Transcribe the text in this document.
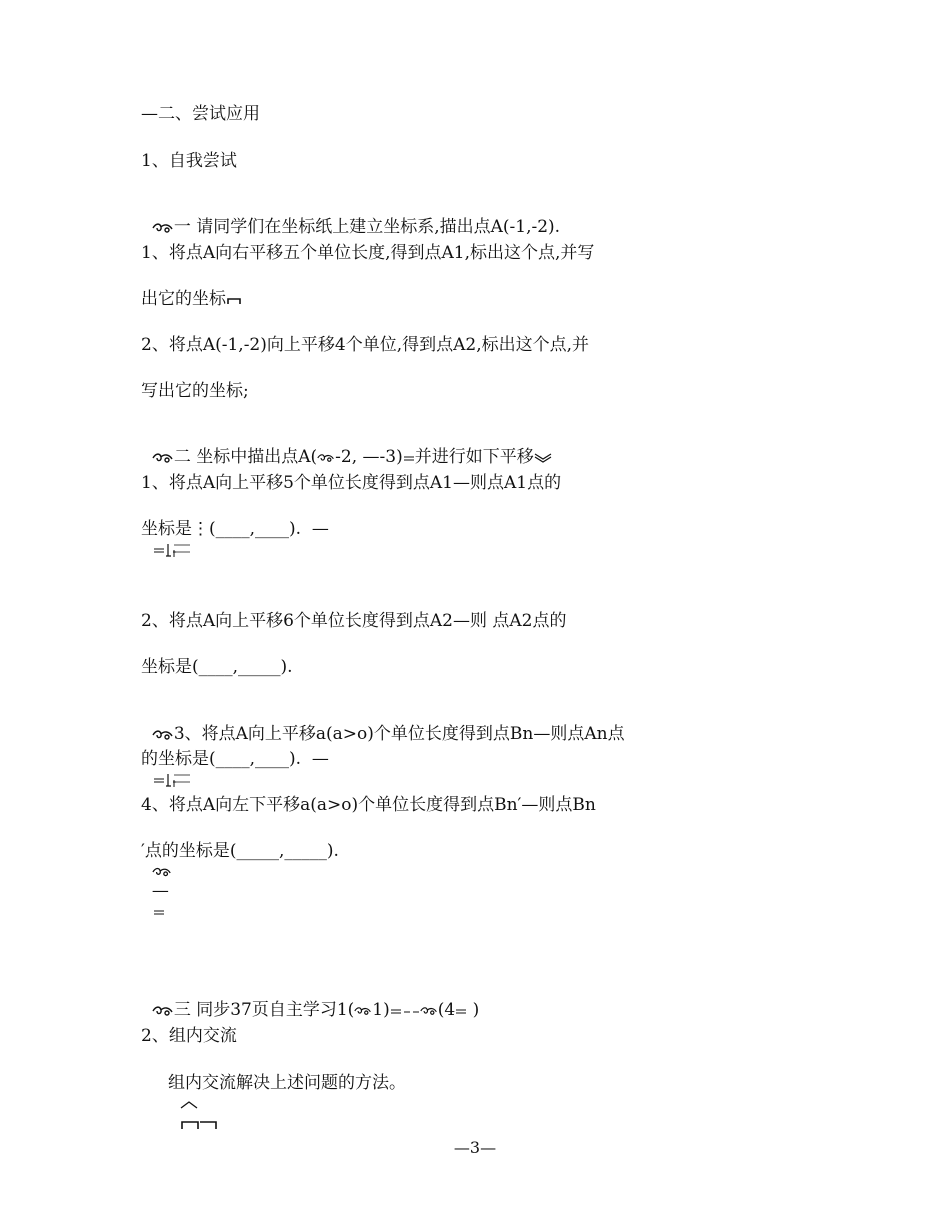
—二、尝试应用
1、自我尝试

一 请同学们在坐标纸上建立坐标系,描出点A(-1,-2).

1、将点A向右平移五个单位长度,得到点A1,标出这个点,并写
出它的坐标
2、将点A(-1,-2)向上平移4个单位,得到点A2,标出这个点,并
写出它的坐标;

二 坐标中描出点A( -2, —-3) 并进行如下平移

1、将点A向上平移5个单位长度得到点A1—则点A1点的
坐标是⋮(____,____).  —

2、将点A向上平移6个单位长度得到点A2—则 点A2点的
坐标是(____,_____).

3、将点A向上平移a(a>o)个单位长度得到点Bn—则点An点

的坐标是(____,____).  —

4、将点A向左下平移a(a>o)个单位长度得到点Bn′—则点Bn
′点的坐标是(_____,_____).

—

三 同步37页自主学习1( 1)	(4 )

2、组内交流
组内交流解决上述问题的方法。

—3—
